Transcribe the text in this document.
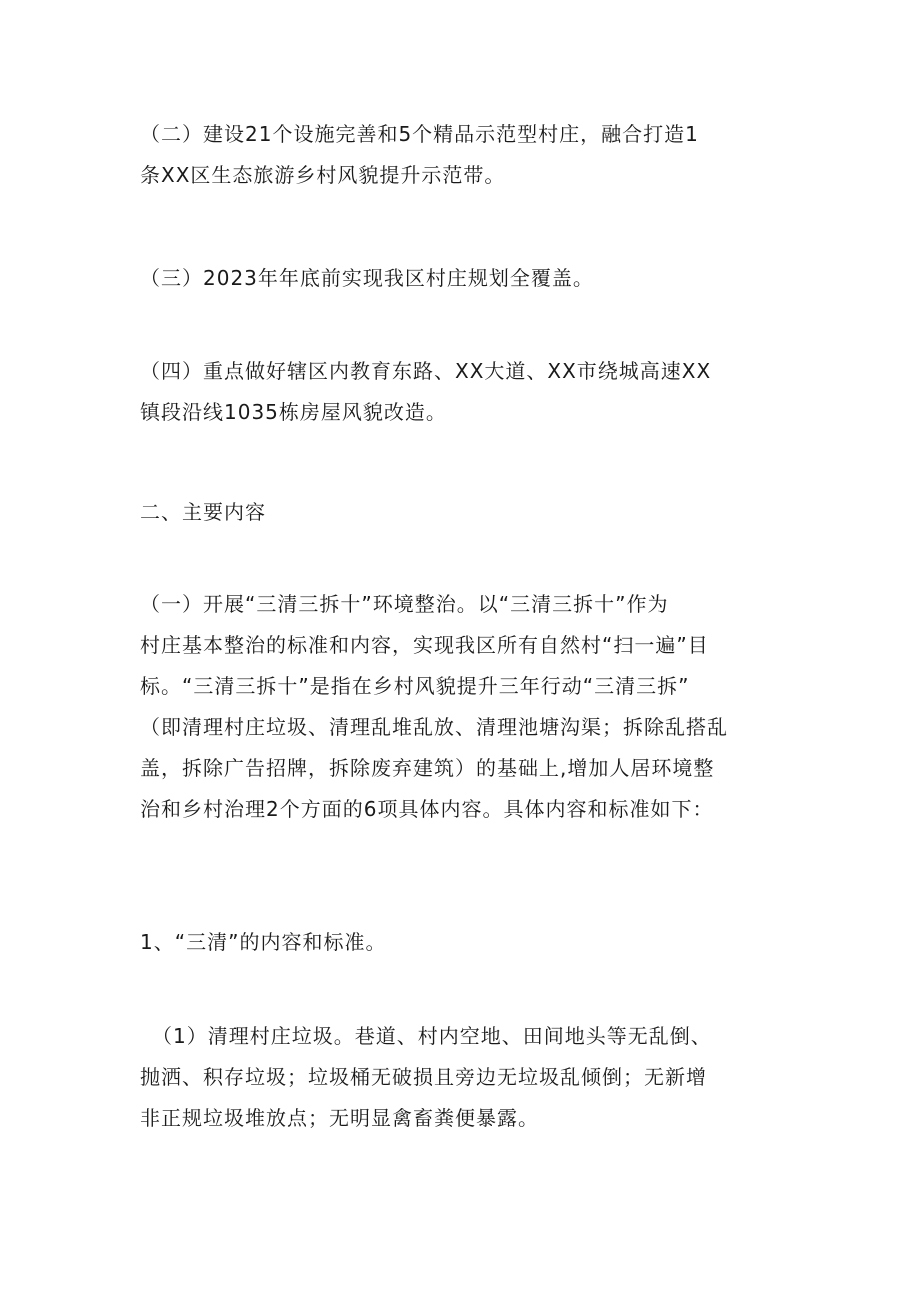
（二）建设21个设施完善和5个精品示范型村庄，融合打造1
条XX区生态旅游乡村风貌提升示范带。

（三）2023年年底前实现我区村庄规划全覆盖。

（四）重点做好辖区内教育东路、XX大道、XX市绕城高速XX
镇段沿线1035栋房屋风貌改造。

二、主要内容

（一）开展“三清三拆十”环境整治。以“三清三拆十”作为
村庄基本整治的标准和内容，实现我区所有自然村“扫一遍”目
标。“三清三拆十”是指在乡村风貌提升三年行动“三清三拆”
（即清理村庄垃圾、清理乱堆乱放、清理池塘沟渠；拆除乱搭乱
盖，拆除广告招牌，拆除废弃建筑）的基础上,增加人居环境整
治和乡村治理2个方面的6项具体内容。具体内容和标准如下：

1、“三清”的内容和标准。

（1）清理村庄垃圾。巷道、村内空地、田间地头等无乱倒、
抛洒、积存垃圾；垃圾桶无破损且旁边无垃圾乱倾倒；无新增
非正规垃圾堆放点；无明显禽畜粪便暴露。
